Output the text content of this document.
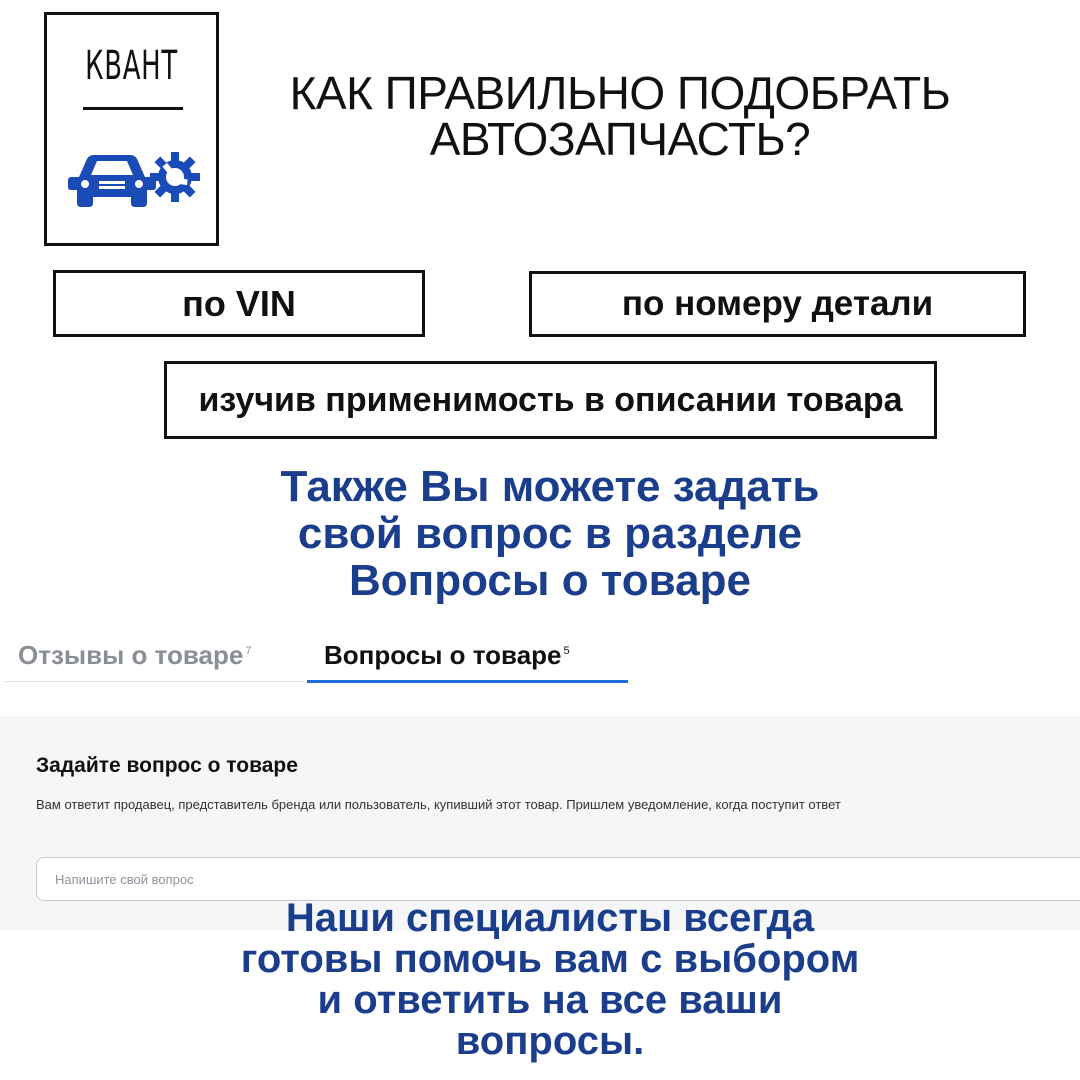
КВАНТ
КАК ПРАВИЛЬНО ПОДОБРАТЬ
АВТОЗАПЧАСТЬ?
по VIN	по номеру детали
изучив применимость в описании товара
Также Вы можете задать
свой вопрос в разделе
Вопросы о товаре
Отзывы о товаре $^7$	Вопросы о товаре $^5$
Задайте вопрос о товаре
Вам ответит продавец, представитель бренда или пользователь, купивший этот товар. Пришлем уведомление, когда поступит ответ
Напишите свой вопрос
Наши специалисты всегда
готовы помочь вам с выбором
и ответить на все ваши
вопросы.
